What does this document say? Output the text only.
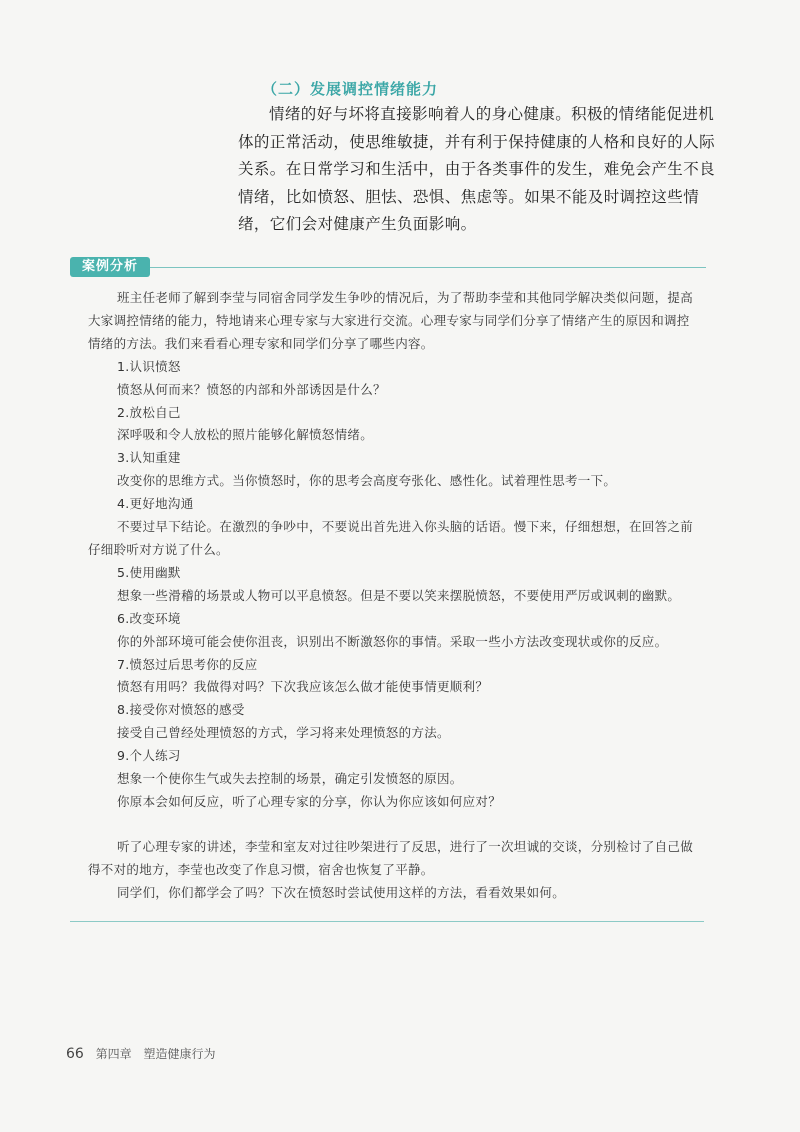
（二）发展调控情绪能力

情绪的好与坏将直接影响着人的身心健康。积极的情绪能促进机体的正常活动，使思维敏捷，并有利于保持健康的人格和良好的人际关系。在日常学习和生活中，由于各类事件的发生，难免会产生不良情绪，比如愤怒、胆怯、恐惧、焦虑等。如果不能及时调控这些情绪，它们会对健康产生负面影响。

案例分析

班主任老师了解到李莹与同宿舍同学发生争吵的情况后，为了帮助李莹和其他同学解决类似问题，提高大家调控情绪的能力，特地请来心理专家与大家进行交流。心理专家与同学们分享了情绪产生的原因和调控情绪的方法。我们来看看心理专家和同学们分享了哪些内容。

1.认识愤怒

愤怒从何而来？愤怒的内部和外部诱因是什么？

2.放松自己

深呼吸和令人放松的照片能够化解愤怒情绪。

3.认知重建

改变你的思维方式。当你愤怒时，你的思考会高度夸张化、感性化。试着理性思考一下。

4.更好地沟通

不要过早下结论。在激烈的争吵中，不要说出首先进入你头脑的话语。慢下来，仔细想想，在回答之前仔细聆听对方说了什么。

5.使用幽默

想象一些滑稽的场景或人物可以平息愤怒。但是不要以笑来摆脱愤怒，不要使用严厉或讽刺的幽默。

6.改变环境

你的外部环境可能会使你沮丧，识别出不断激怒你的事情。采取一些小方法改变现状或你的反应。

7.愤怒过后思考你的反应

愤怒有用吗？我做得对吗？下次我应该怎么做才能使事情更顺利？

8.接受你对愤怒的感受

接受自己曾经处理愤怒的方式，学习将来处理愤怒的方法。

9.个人练习

想象一个使你生气或失去控制的场景，确定引发愤怒的原因。

你原本会如何反应，听了心理专家的分享，你认为你应该如何应对？

听了心理专家的讲述，李莹和室友对过往吵架进行了反思，进行了一次坦诚的交谈，分别检讨了自己做得不对的地方，李莹也改变了作息习惯，宿舍也恢复了平静。

同学们，你们都学会了吗？下次在愤怒时尝试使用这样的方法，看看效果如何。

66 第四章 塑造健康行为
